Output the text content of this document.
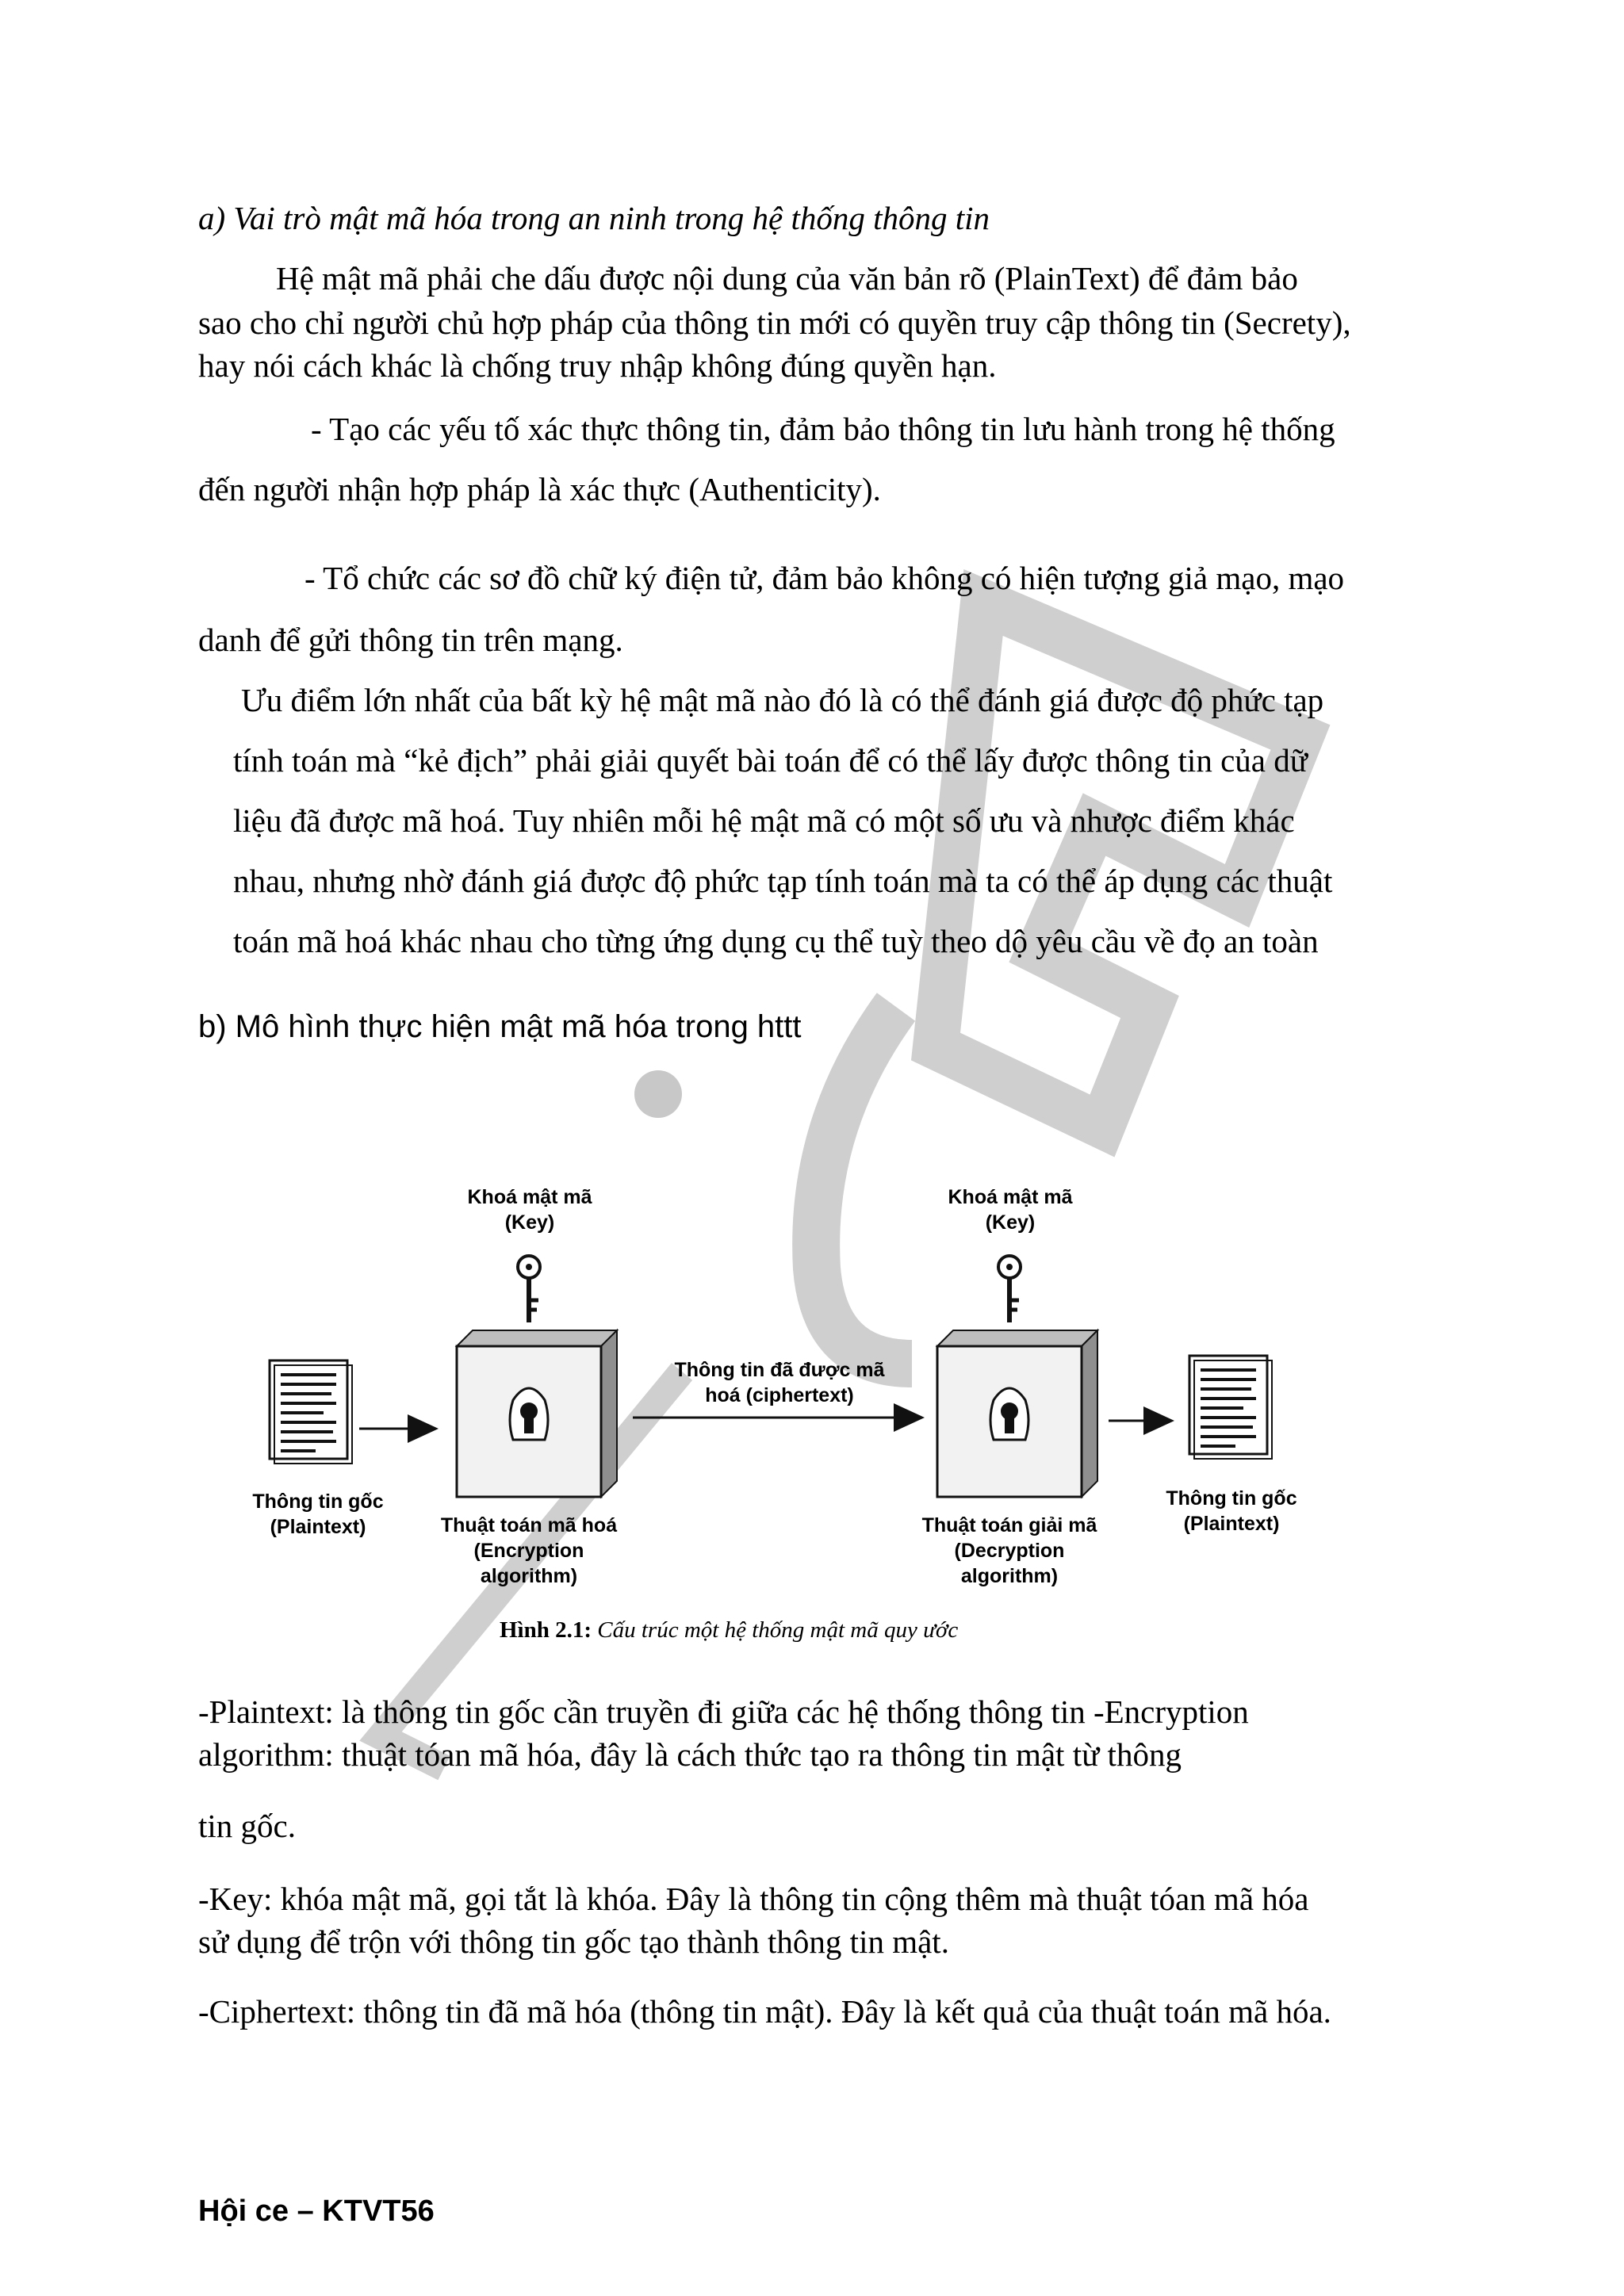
a) Vai trò mật mã hóa trong an ninh trong hệ thống thông tin
Hệ mật mã phải che dấu được nội dung của văn bản rõ (PlainText) để đảm bảo
sao cho chỉ người chủ hợp pháp của thông tin mới có quyền truy cập thông tin (Secrety),
hay nói cách khác là chống truy nhập không đúng quyền hạn.
- Tạo các yếu tố xác thực thông tin, đảm bảo thông tin lưu hành trong hệ thống
đến người nhận hợp pháp là xác thực (Authenticity).
- Tổ chức các sơ đồ chữ ký điện tử, đảm bảo không có hiện tượng giả mạo, mạo
danh để gửi thông tin trên mạng.
Ưu điểm lớn nhất của bất kỳ hệ mật mã nào đó là có thể đánh giá được độ phức tạp
tính toán mà “kẻ địch” phải giải quyết bài toán để có thể lấy được thông tin của dữ
liệu đã được mã hoá. Tuy nhiên mỗi hệ mật mã có một số ưu và nhược điểm khác
nhau, nhưng nhờ đánh giá được độ phức tạp tính toán mà ta có thể áp dụng các thuật
toán mã hoá khác nhau cho từng ứng dụng cụ thể tuỳ theo dộ yêu cầu về đọ an toàn
b) Mô hình thực hiện mật mã hóa trong httt
Khoá mật mã
(Key)
Khoá mật mã
(Key)
Thông tin đã được mã
hoá (ciphertext)
Thông tin gốc
(Plaintext)	Thuật toán mã hoá
(Encryption
algorithm)
Thuật toán giải mã
(Decryption
algorithm)
Thông tin gốc
(Plaintext)
Hình 2.1: Cấu trúc một hệ thống mật mã quy ước
-Plaintext: là thông tin gốc cần truyền đi giữa các hệ thống thông tin -Encryption
algorithm: thuật tóan mã hóa, đây là cách thức tạo ra thông tin mật từ thông
tin gốc.
-Key: khóa mật mã, gọi tắt là khóa. Đây là thông tin cộng thêm mà thuật tóan mã hóa
sử dụng để trộn với thông tin gốc tạo thành thông tin mật.
-Ciphertext: thông tin đã mã hóa (thông tin mật). Đây là kết quả của thuật toán mã hóa.
Hội ce – KTVT56
